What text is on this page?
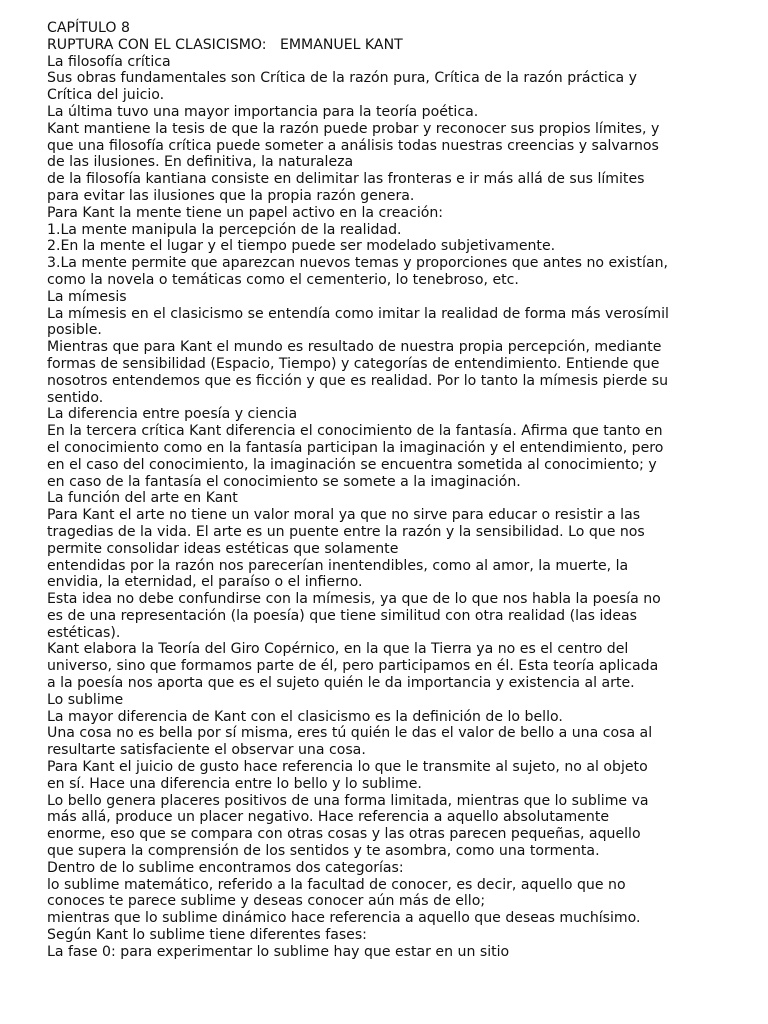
CAPÍTULO 8
RUPTURA CON EL CLASICISMO:   EMMANUEL KANT
La filosofía crítica
Sus obras fundamentales son Crítica de la razón pura, Crítica de la razón práctica y
Crítica del juicio.
La última tuvo una mayor importancia para la teoría poética.
Kant mantiene la tesis de que la razón puede probar y reconocer sus propios límites, y
que una filosofía crítica puede someter a análisis todas nuestras creencias y salvarnos
de las ilusiones. En definitiva, la naturaleza
de la filosofía kantiana consiste en delimitar las fronteras e ir más allá de sus límites
para evitar las ilusiones que la propia razón genera.
Para Kant la mente tiene un papel activo en la creación:
1.La mente manipula la percepción de la realidad.
2.En la mente el lugar y el tiempo puede ser modelado subjetivamente.
3.La mente permite que aparezcan nuevos temas y proporciones que antes no existían,
como la novela o temáticas como el cementerio, lo tenebroso, etc.
La mímesis
La mímesis en el clasicismo se entendía como imitar la realidad de forma más verosímil
posible.
Mientras que para Kant el mundo es resultado de nuestra propia percepción, mediante
formas de sensibilidad (Espacio, Tiempo) y categorías de entendimiento. Entiende que
nosotros entendemos que es ficción y que es realidad. Por lo tanto la mímesis pierde su
sentido.
La diferencia entre poesía y ciencia
En la tercera crítica Kant diferencia el conocimiento de la fantasía. Afirma que tanto en
el conocimiento como en la fantasía participan la imaginación y el entendimiento, pero
en el caso del conocimiento, la imaginación se encuentra sometida al conocimiento; y
en caso de la fantasía el conocimiento se somete a la imaginación.
La función del arte en Kant
Para Kant el arte no tiene un valor moral ya que no sirve para educar o resistir a las
tragedias de la vida. El arte es un puente entre la razón y la sensibilidad. Lo que nos
permite consolidar ideas estéticas que solamente
entendidas por la razón nos parecerían inentendibles, como al amor, la muerte, la
envidia, la eternidad, el paraíso o el infierno.
Esta idea no debe confundirse con la mímesis, ya que de lo que nos habla la poesía no
es de una representación (la poesía) que tiene similitud con otra realidad (las ideas
estéticas).
Kant elabora la Teoría del Giro Copérnico, en la que la Tierra ya no es el centro del
universo, sino que formamos parte de él, pero participamos en él. Esta teoría aplicada
a la poesía nos aporta que es el sujeto quién le da importancia y existencia al arte.
Lo sublime
La mayor diferencia de Kant con el clasicismo es la definición de lo bello.
Una cosa no es bella por sí misma, eres tú quién le das el valor de bello a una cosa al
resultarte satisfaciente el observar una cosa.
Para Kant el juicio de gusto hace referencia lo que le transmite al sujeto, no al objeto
en sí. Hace una diferencia entre lo bello y lo sublime.
Lo bello genera placeres positivos de una forma limitada, mientras que lo sublime va
más allá, produce un placer negativo. Hace referencia a aquello absolutamente
enorme, eso que se compara con otras cosas y las otras parecen pequeñas, aquello
que supera la comprensión de los sentidos y te asombra, como una tormenta.
Dentro de lo sublime encontramos dos categorías:
lo sublime matemático, referido a la facultad de conocer, es decir, aquello que no
conoces te parece sublime y deseas conocer aún más de ello;
mientras que lo sublime dinámico hace referencia a aquello que deseas muchísimo.
Según Kant lo sublime tiene diferentes fases:
La fase 0: para experimentar lo sublime hay que estar en un sitio
